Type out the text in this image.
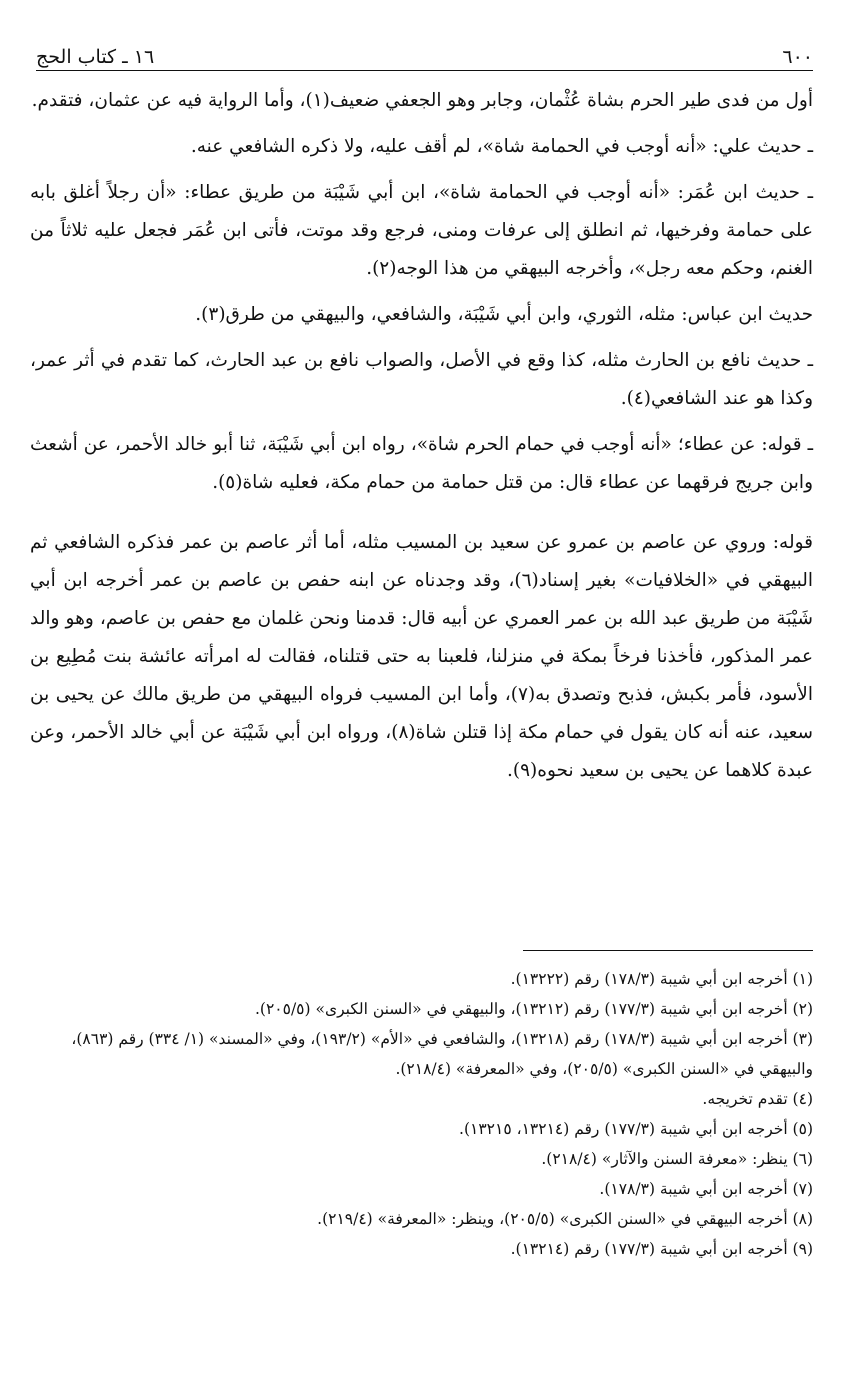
٦٠٠
١٦ ـ كتاب الحج

أول من فدى طير الحرم بشاة عُثْمان، وجابر وهو الجعفي ضعيف(١)، وأما الرواية فيه عن عثمان، فتقدم.

ـ حديث علي: «أنه أوجب في الحمامة شاة»، لم أقف عليه، ولا ذكره الشافعي عنه.

ـ حديث ابن عُمَر: «أنه أوجب في الحمامة شاة»، ابن أبي شَيْبَة من طريق عطاء: «أن رجلاً أغلق بابه على حمامة وفرخيها، ثم انطلق إلى عرفات ومنى، فرجع وقد موتت، فأتى ابن عُمَر فجعل عليه ثلاثاً من الغنم، وحكم معه رجل»، وأخرجه البيهقي من هذا الوجه(٢).

حديث ابن عباس: مثله، الثوري، وابن أبي شَيْبَة، والشافعي، والبيهقي من طرق(٣).

ـ حديث نافع بن الحارث مثله، كذا وقع في الأصل، والصواب نافع بن عبد الحارث، كما تقدم في أثر عمر، وكذا هو عند الشافعي(٤).

ـ قوله: عن عطاء؛ «أنه أوجب في حمام الحرم شاة»، رواه ابن أبي شَيْبَة، ثنا أبو خالد الأحمر، عن أشعث وابن جريج فرقهما عن عطاء قال: من قتل حمامة من حمام مكة، فعليه شاة(٥).

قوله: وروي عن عاصم بن عمرو عن سعيد بن المسيب مثله، أما أثر عاصم بن عمر فذكره الشافعي ثم البيهقي في «الخلافيات» بغير إسناد(٦)، وقد وجدناه عن ابنه حفص بن عاصم بن عمر أخرجه ابن أبي شَيْبَة من طريق عبد الله بن عمر العمري عن أبيه قال: قدمنا ونحن غلمان مع حفص بن عاصم، وهو والد عمر المذكور، فأخذنا فرخاً بمكة في منزلنا، فلعبنا به حتى قتلناه، فقالت له امرأته عائشة بنت مُطِيع بن الأسود، فأمر بكبش، فذبح وتصدق به(٧)، وأما ابن المسيب فرواه البيهقي من طريق مالك عن يحيى بن سعيد، عنه أنه كان يقول في حمام مكة إذا قتلن شاة(٨)، ورواه ابن أبي شَيْبَة عن أبي خالد الأحمر، وعن عبدة كلاهما عن يحيى بن سعيد نحوه(٩).

(١) أخرجه ابن أبي شيبة (١٧٨/٣) رقم (١٣٢٢٢).

(٢) أخرجه ابن أبي شيبة (١٧٧/٣) رقم (١٣٢١٢)، والبيهقي في «السنن الكبرى» (٢٠٥/٥).

(٣) أخرجه ابن أبي شيبة (١٧٨/٣) رقم (١٣٢١٨)، والشافعي في «الأم» (١٩٣/٢)، وفي «المسند» (١/ ٣٣٤) رقم (٨٦٣)، والبيهقي في «السنن الكبرى» (٢٠٥/٥)، وفي «المعرفة» (٢١٨/٤).

(٤) تقدم تخريجه.

(٥) أخرجه ابن أبي شيبة (١٧٧/٣) رقم (١٣٢١٤، ١٣٢١٥).

(٦) ينظر: «معرفة السنن والآثار» (٢١٨/٤).

(٧) أخرجه ابن أبي شيبة (١٧٨/٣).

(٨) أخرجه البيهقي في «السنن الكبرى» (٢٠٥/٥)، وينظر: «المعرفة» (٢١٩/٤).

(٩) أخرجه ابن أبي شيبة (١٧٧/٣) رقم (١٣٢١٤).
